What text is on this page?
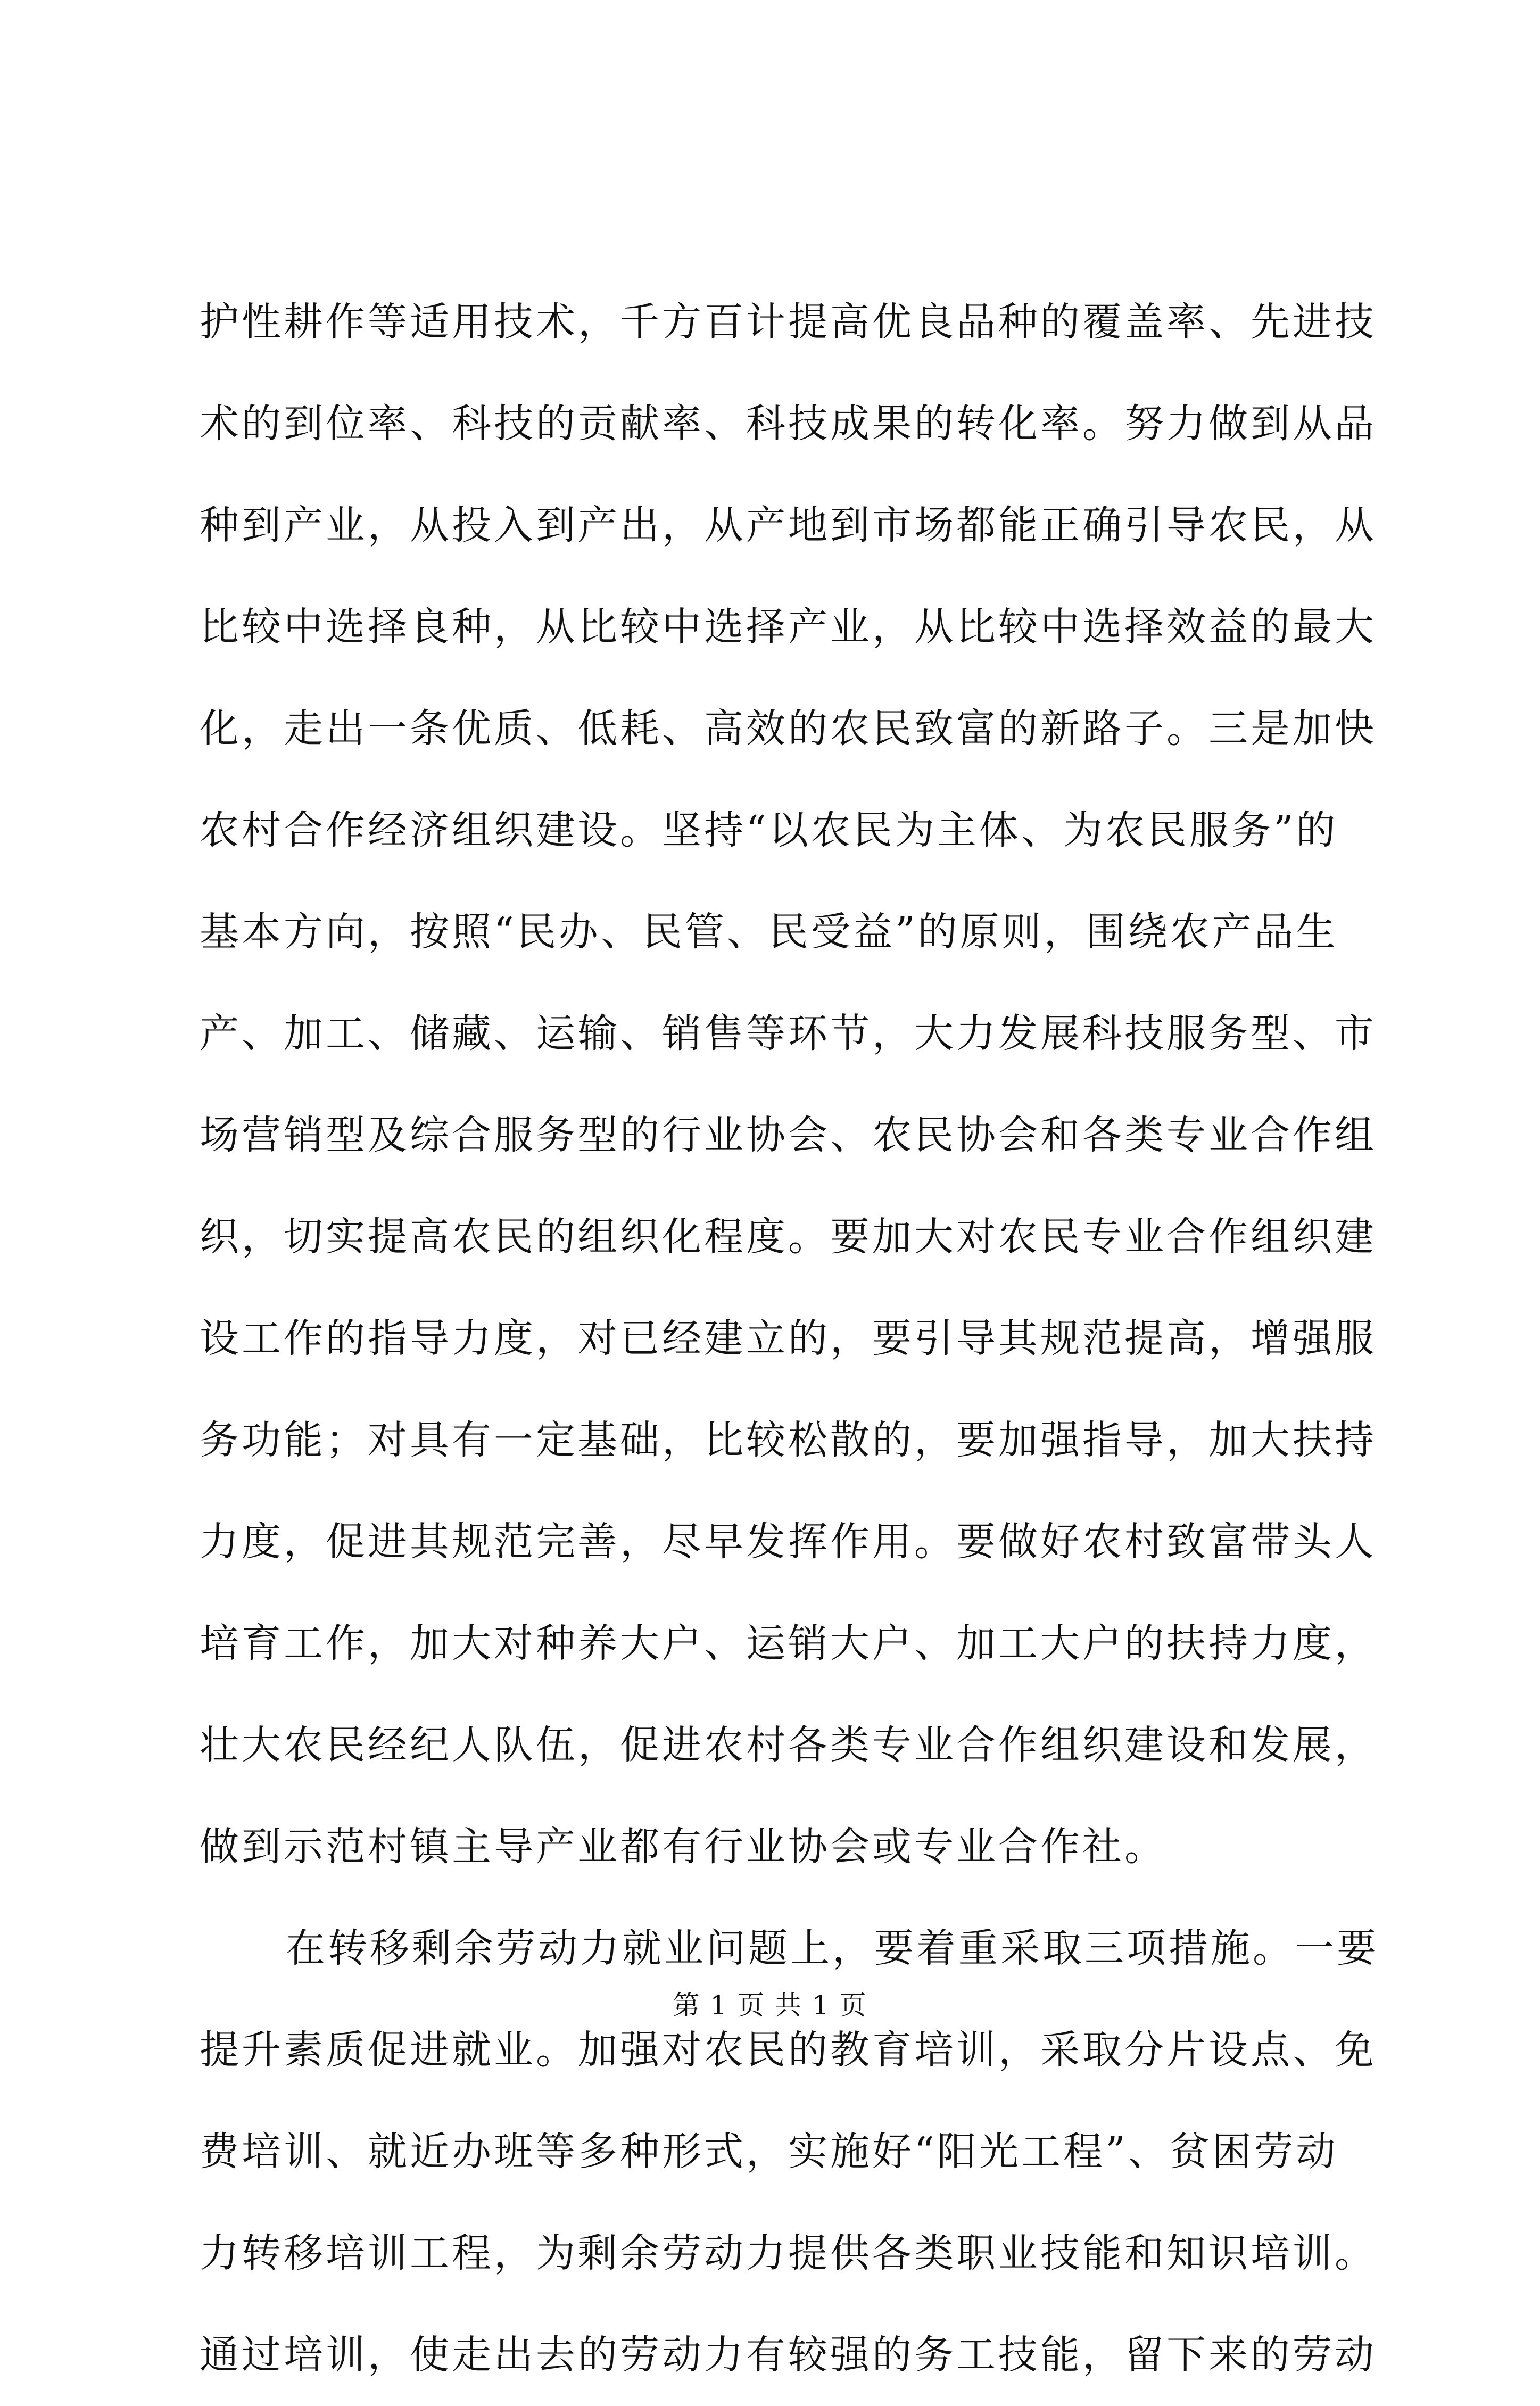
护性耕作等适用技术，千方百计提高优良品种的覆盖率、先进技
术的到位率、科技的贡献率、科技成果的转化率。努力做到从品
种到产业，从投入到产出，从产地到市场都能正确引导农民，从
比较中选择良种，从比较中选择产业，从比较中选择效益的最大
化，走出一条优质、低耗、高效的农民致富的新路子。三是加快
农村合作经济组织建设。坚持“以农民为主体、为农民服务”的
基本方向，按照“民办、民管、民受益”的原则，围绕农产品生
产、加工、储藏、运输、销售等环节，大力发展科技服务型、市
场营销型及综合服务型的行业协会、农民协会和各类专业合作组
织，切实提高农民的组织化程度。要加大对农民专业合作组织建
设工作的指导力度，对已经建立的，要引导其规范提高，增强服
务功能；对具有一定基础，比较松散的，要加强指导，加大扶持
力度，促进其规范完善，尽早发挥作用。要做好农村致富带头人
培育工作，加大对种养大户、运销大户、加工大户的扶持力度，
壮大农民经纪人队伍，促进农村各类专业合作组织建设和发展，
做到示范村镇主导产业都有行业协会或专业合作社。
在转移剩余劳动力就业问题上，要着重采取三项措施。一要
提升素质促进就业。加强对农民的教育培训，采取分片设点、免
费培训、就近办班等多种形式，实施好“阳光工程”、贫困劳动
力转移培训工程，为剩余劳动力提供各类职业技能和知识培训。
通过培训，使走出去的劳动力有较强的务工技能，留下来的劳动
第 1 页 共 1 页
